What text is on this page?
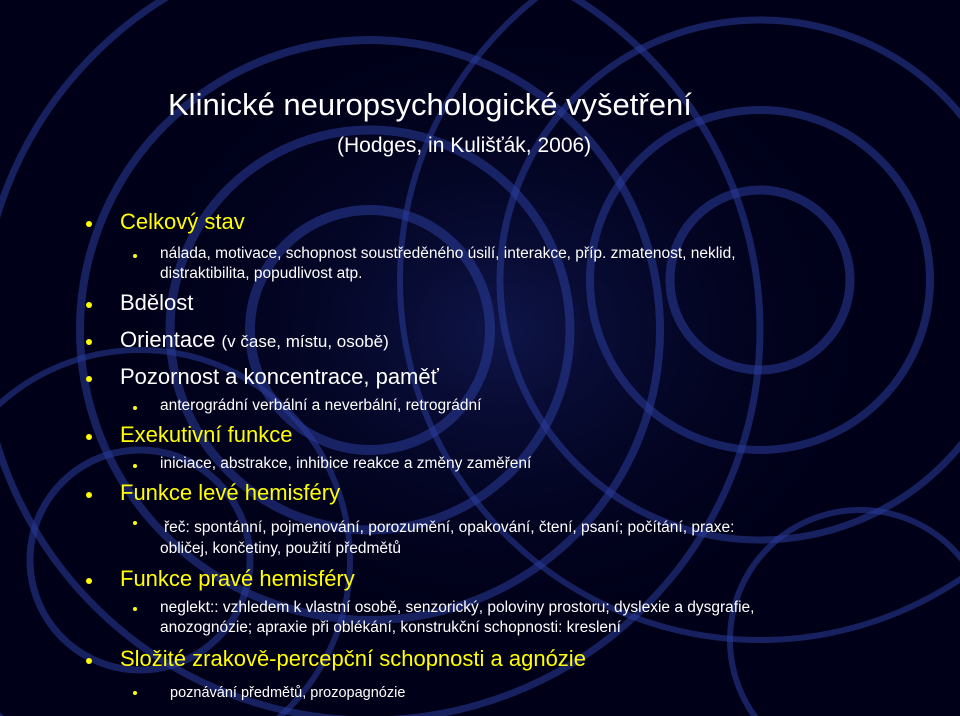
Klinické neuropsychologické vyšetření
(Hodges, in Kulišťák, 2006)
Celkový stav
nálada, motivace, schopnost soustředěného úsilí, interakce, příp. zmatenost, neklid,
distraktibilita, popudlivost atp.
Bdělost
Orientace (v čase, místu, osobě)
Pozornost a koncentrace, paměť
anterográdní verbální a neverbální, retrográdní
Exekutivní funkce
iniciace, abstrakce, inhibice reakce a změny zaměření
Funkce levé hemisféry
řeč: spontánní, pojmenování, porozumění, opakování, čtení, psaní; počítání, praxe:
obličej, končetiny, použití předmětů
Funkce pravé hemisféry
neglekt:: vzhledem k vlastní osobě, senzorický, poloviny prostoru; dyslexie a dysgrafie,
anozognózie; apraxie při oblékání, konstrukční schopnosti: kreslení
Složité zrakově-percepční schopnosti a agnózie
poznávání předmětů, prozopagnózie
